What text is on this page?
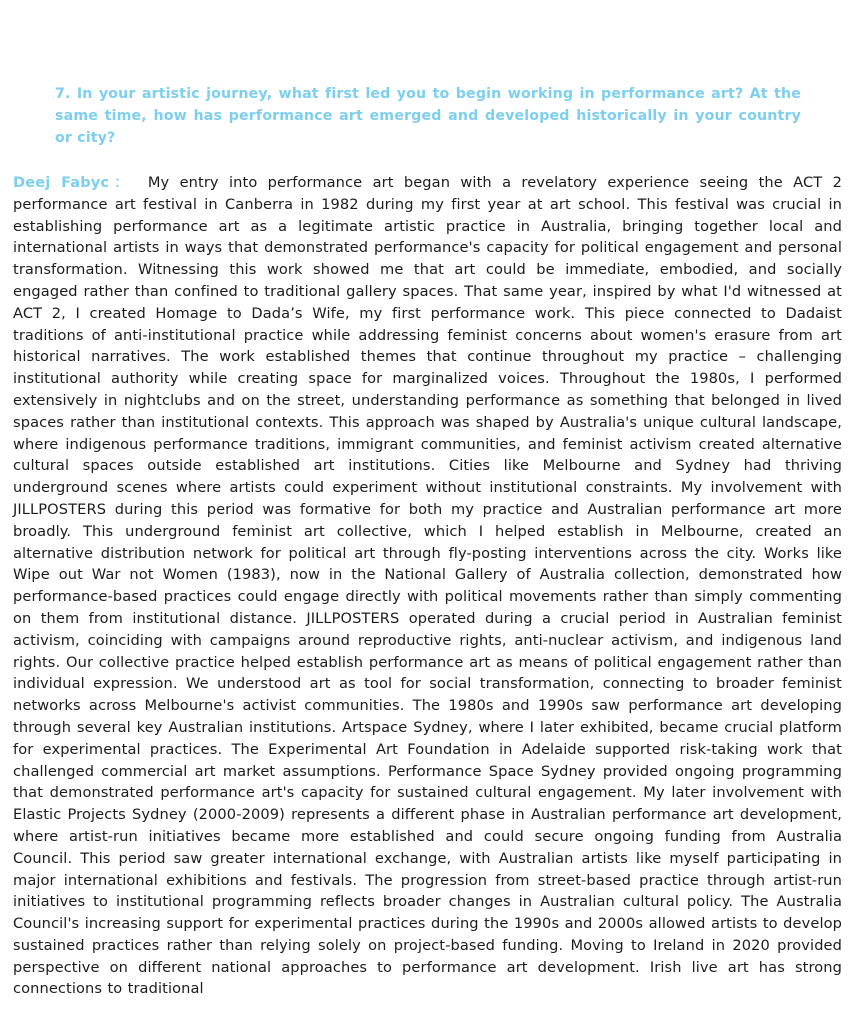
7. In your artistic journey, what first led you to begin working in performance art? At the same time, how has performance art emerged and developed historically in your country or city?
Deej Fabyc： My entry into performance art began with a revelatory experience seeing the ACT 2 performance art festival in Canberra in 1982 during my first year at art school. This festival was crucial in establishing performance art as a legitimate artistic practice in Australia, bringing together local and international artists in ways that demonstrated performance's capacity for political engagement and personal transformation. Witnessing this work showed me that art could be immediate, embodied, and socially engaged rather than confined to traditional gallery spaces. That same year, inspired by what I'd witnessed at ACT 2, I created Homage to Dada’s Wife, my first performance work. This piece connected to Dadaist traditions of anti-institutional practice while addressing feminist concerns about women's erasure from art historical narratives. The work established themes that continue throughout my practice – challenging institutional authority while creating space for marginalized voices. Throughout the 1980s, I performed extensively in nightclubs and on the street, understanding performance as something that belonged in lived spaces rather than institutional contexts. This approach was shaped by Australia's unique cultural landscape, where indigenous performance traditions, immigrant communities, and feminist activism created alternative cultural spaces outside established art institutions. Cities like Melbourne and Sydney had thriving underground scenes where artists could experiment without institutional constraints. My involvement with JILLPOSTERS during this period was formative for both my practice and Australian performance art more broadly. This underground feminist art collective, which I helped establish in Melbourne, created an alternative distribution network for political art through fly-posting interventions across the city. Works like Wipe out War not Women (1983), now in the National Gallery of Australia collection, demonstrated how performance-based practices could engage directly with political movements rather than simply commenting on them from institutional distance. JILLPOSTERS operated during a crucial period in Australian feminist activism, coinciding with campaigns around reproductive rights, anti-nuclear activism, and indigenous land rights. Our collective practice helped establish performance art as means of political engagement rather than individual expression. We understood art as tool for social transformation, connecting to broader feminist networks across Melbourne's activist communities. The 1980s and 1990s saw performance art developing through several key Australian institutions. Artspace Sydney, where I later exhibited, became crucial platform for experimental practices. The Experimental Art Foundation in Adelaide supported risk-taking work that challenged commercial art market assumptions. Performance Space Sydney provided ongoing programming that demonstrated performance art's capacity for sustained cultural engagement. My later involvement with Elastic Projects Sydney (2000-2009) represents a different phase in Australian performance art development, where artist-run initiatives became more established and could secure ongoing funding from Australia Council. This period saw greater international exchange, with Australian artists like myself participating in major international exhibitions and festivals. The progression from street-based practice through artist-run initiatives to institutional programming reflects broader changes in Australian cultural policy. The Australia Council's increasing support for experimental practices during the 1990s and 2000s allowed artists to develop sustained practices rather than relying solely on project-based funding. Moving to Ireland in 2020 provided perspective on different national approaches to performance art development. Irish live art has strong connections to traditional
